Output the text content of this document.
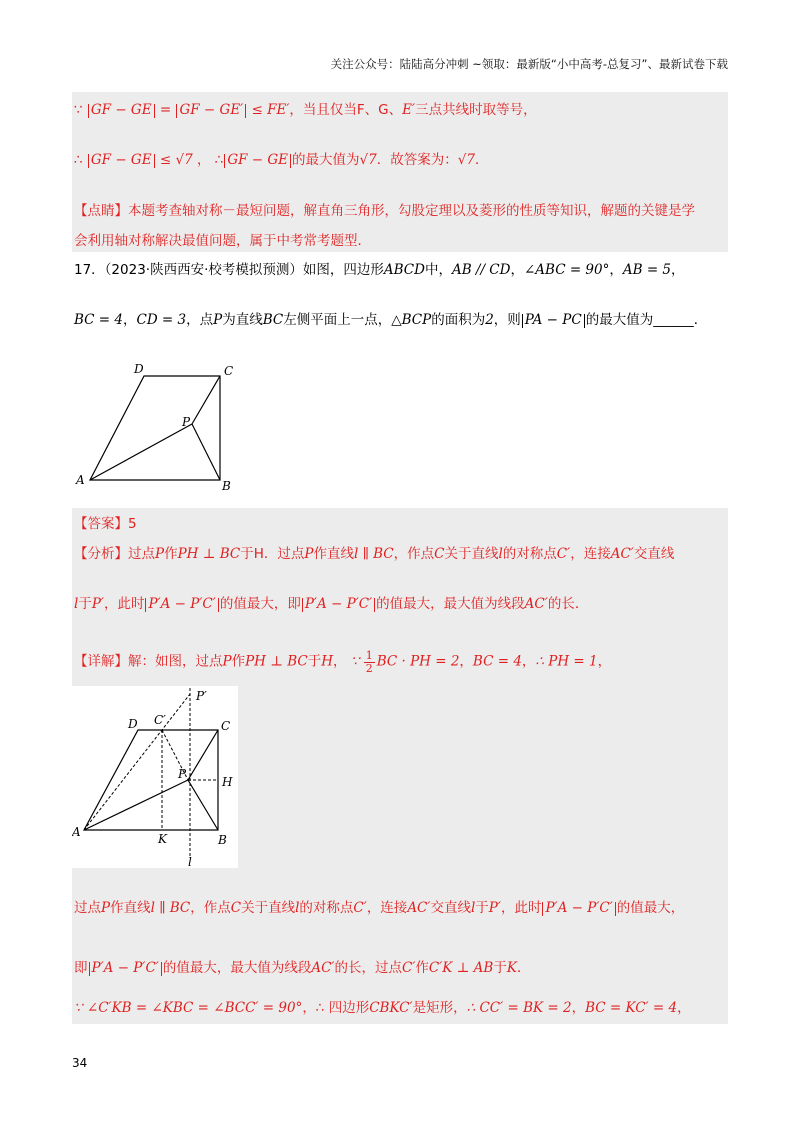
关注公众号：陆陆高分冲刺 ~领取：最新版“小中高考-总复习”、最新试卷下载
∵ GF − GE = GF − GE′ ≤ FE′，当且仅当F、G、E′三点共线时取等号，
∴ GF − GE ≤ √7 ， ∴ GF − GE 的最大值为√7．故答案为：√7．
【点睛】本题考查轴对称－最短问题，解直角三角形，勾股定理以及菱形的性质等知识，解题的关键是学
会利用轴对称解决最值问题，属于中考常考题型．
17．（2023·陕西西安·校考模拟预测）如图，四边形ABCD中，AB // CD，∠ABC = 90°，AB = 5，
BC = 4，CD = 3，点P为直线BC左侧平面上一点，△BCP的面积为2，则 PA − PC 的最大值为______．
D	C
P
A	B
【答案】5
【分析】过点P作PH ⊥ BC于H．过点P作直线l ∥ BC，作点C关于直线l的对称点C′，连接AC′交直线
l于P′，此时 P′A − P′C′ 的值最大，即 P′A − P′C′ 的值最大，最大值为线段AC′的长．
【详解】解：如图，过点P作PH ⊥ BC于H， ∵ $\frac{1}{2}$ BC · PH = 2，BC = 4，∴ PH = 1，
P′
D C′	C
P
H
A	K	B
l
过点P作直线l ∥ BC，作点C关于直线l的对称点C′，连接AC′交直线l于P′，此时 P′A − P′C′ 的值最大，
即 P′A − P′C′ 的值最大，最大值为线段AC′的长，过点C′作C′K ⊥ AB于K．
∵ ∠C′KB = ∠KBC = ∠BCC′ = 90°，∴ 四边形CBKC′是矩形，∴ CC′ = BK = 2，BC = KC′ = 4，
34
